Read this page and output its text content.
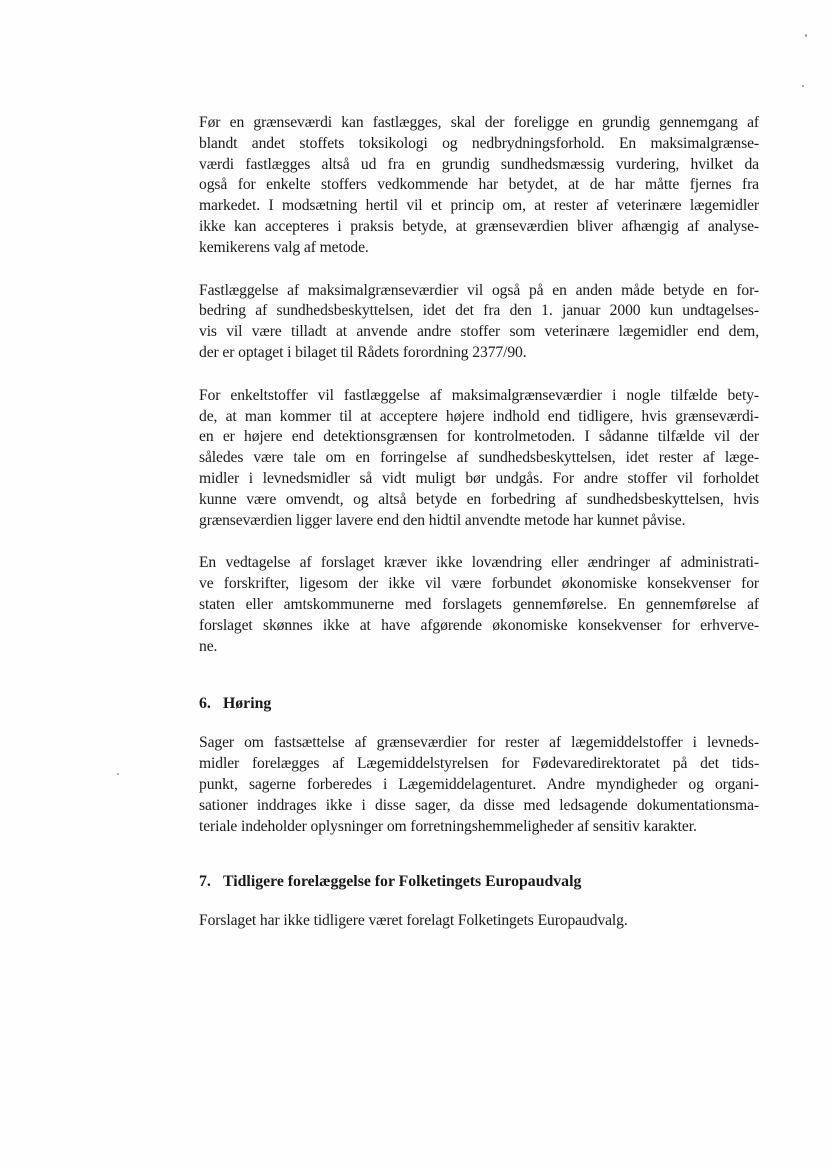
Før en grænseværdi kan fastlægges, skal der foreligge en grundig gennemgang af
blandt andet stoffets toksikologi og nedbrydningsforhold. En maksimalgrænse-
værdi fastlægges altså ud fra en grundig sundhedsmæssig vurdering, hvilket da
også for enkelte stoffers vedkommende har betydet, at de har måtte fjernes fra
markedet. I modsætning hertil vil et princip om, at rester af veterinære lægemidler
ikke kan accepteres i praksis betyde, at grænseværdien bliver afhængig af analyse-
kemikerens valg af metode.
Fastlæggelse af maksimalgrænseværdier vil også på en anden måde betyde en for-
bedring af sundhedsbeskyttelsen, idet det fra den 1. januar 2000 kun undtagelses-
vis vil være tilladt at anvende andre stoffer som veterinære lægemidler end dem,
der er optaget i bilaget til Rådets forordning 2377/90.
For enkeltstoffer vil fastlæggelse af maksimalgrænseværdier i nogle tilfælde bety-
de, at man kommer til at acceptere højere indhold end tidligere, hvis grænseværdi-
en er højere end detektionsgrænsen for kontrolmetoden. I sådanne tilfælde vil der
således være tale om en forringelse af sundhedsbeskyttelsen, idet rester af læge-
midler i levnedsmidler så vidt muligt bør undgås. For andre stoffer vil forholdet
kunne være omvendt, og altså betyde en forbedring af sundhedsbeskyttelsen, hvis
grænseværdien ligger lavere end den hidtil anvendte metode har kunnet påvise.
En vedtagelse af forslaget kræver ikke lovændring eller ændringer af administrati-
ve forskrifter, ligesom der ikke vil være forbundet økonomiske konsekvenser for
staten eller amtskommunerne med forslagets gennemførelse. En gennemførelse af
forslaget skønnes ikke at have afgørende økonomiske konsekvenser for erhverve-
ne.
6. Høring
Sager om fastsættelse af grænseværdier for rester af lægemiddelstoffer i levneds-
midler forelægges af Lægemiddelstyrelsen for Fødevaredirektoratet på det tids-
punkt, sagerne forberedes i Lægemiddelagenturet. Andre myndigheder og organi-
sationer inddrages ikke i disse sager, da disse med ledsagende dokumentationsma-
teriale indeholder oplysninger om forretningshemmeligheder af sensitiv karakter.
7. Tidligere forelæggelse for Folketingets Europaudvalg
Forslaget har ikke tidligere været forelagt Folketingets Europaudvalg.
